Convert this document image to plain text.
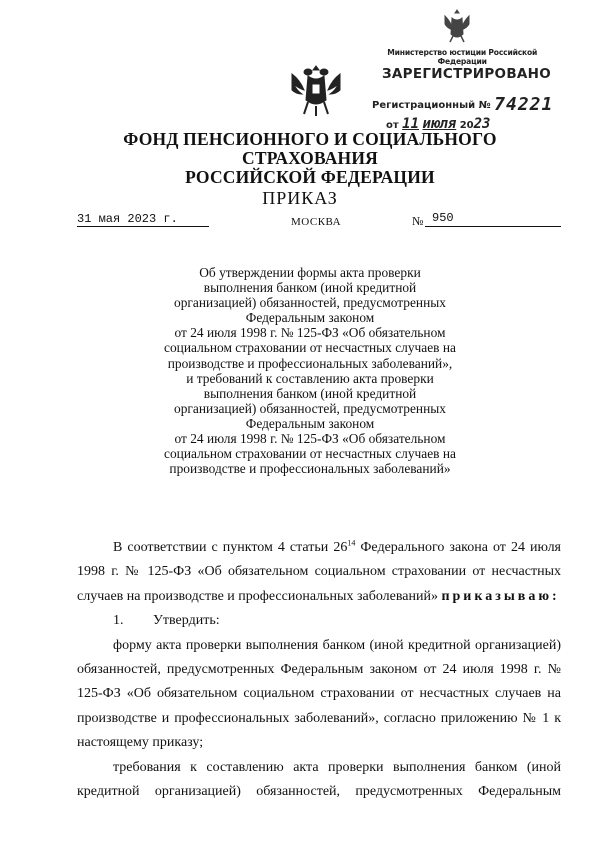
Министерство юстиции Российской Федерации
ЗАРЕГИСТРИРОВАНО
Регистрационный № 74221
от 11 июля 2023
ФОНД ПЕНСИОННОГО И СОЦИАЛЬНОГО СТРАХОВАНИЯ
РОССИЙСКОЙ ФЕДЕРАЦИИ
ПРИКАЗ
31 мая 2023 г.	МОСКВА	№ 950
Об утверждении формы акта проверки
выполнения банком (иной кредитной
организацией) обязанностей, предусмотренных
Федеральным законом
от 24 июля 1998 г. № 125-ФЗ «Об обязательном
социальном страховании от несчастных случаев на
производстве и профессиональных заболеваний»,
и требований к составлению акта проверки
выполнения банком (иной кредитной
организацией) обязанностей, предусмотренных
Федеральным законом
от 24 июля 1998 г. № 125-ФЗ «Об обязательном
социальном страховании от несчастных случаев на
производстве и профессиональных заболеваний»
В соответствии с пунктом 4 статьи $26^{14}$ Федерального закона от 24 июля 1998 г. № 125-ФЗ «Об обязательном социальном страховании от несчастных случаев на производстве и профессиональных заболеваний» приказываю:
1. Утвердить:
форму акта проверки выполнения банком (иной кредитной организацией) обязанностей, предусмотренных Федеральным законом от 24 июля 1998 г. № 125-ФЗ «Об обязательном социальном страховании от несчастных случаев на производстве и профессиональных заболеваний», согласно приложению № 1 к настоящему приказу;
требования к составлению акта проверки выполнения банком (иной кредитной организацией) обязанностей, предусмотренных Федеральным
